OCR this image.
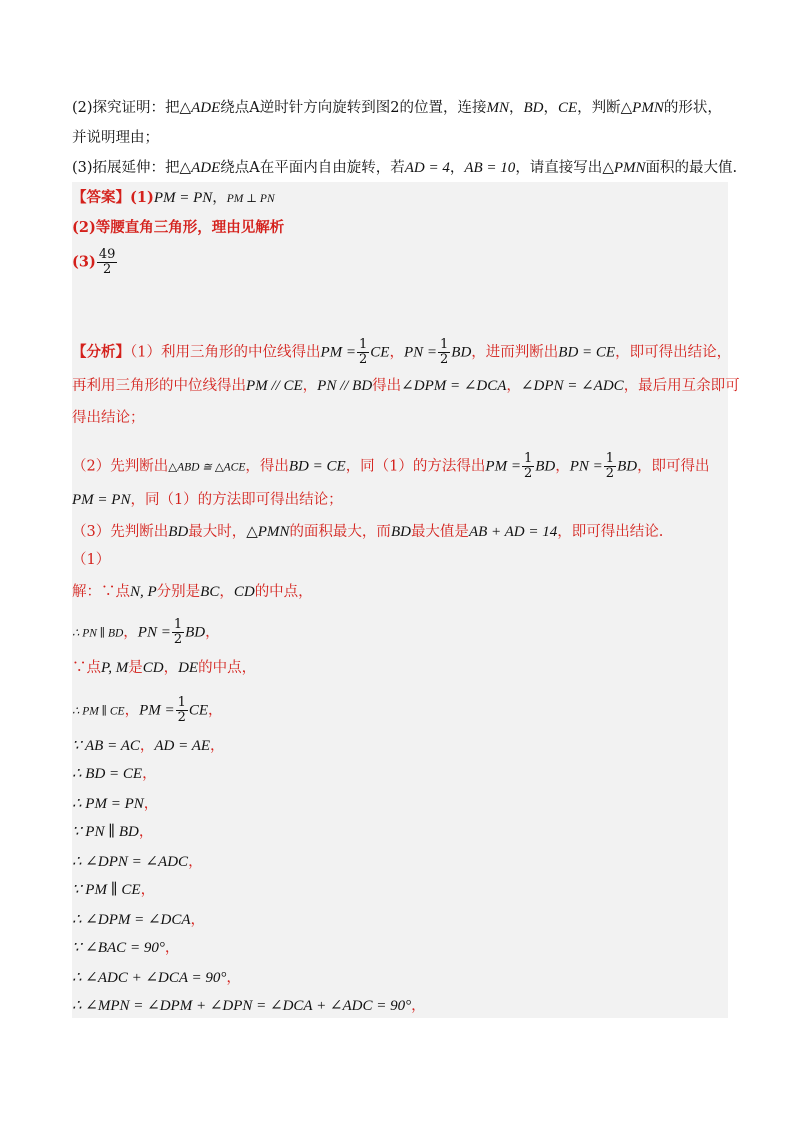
(2)探究证明：把△ADE绕点A逆时针方向旋转到图2的位置，连接MN，BD，CE，判断△PMN的形状，
并说明理由；
(3)拓展延伸：把△ADE绕点A在平面内自由旋转，若AD = 4，AB = 10，请直接写出△PMN面积的最大值.
【答案】(1)PM = PN，PM ⊥ PN
(2)等腰直角三角形，理由见解析
$(3) \frac{49}{2}$
【分析】（1）利用三角形的中位线得出PM = $\frac{1}{2}$ CE，PN = $\frac{1}{2}$ BD，进而判断出BD = CE，即可得出结论，
再利用三角形的中位线得出PM // CE，PN // BD得出∠DPM = ∠DCA，∠DPN = ∠ADC，最后用互余即可
得出结论；
（2）先判断出△ABD ≅ △ACE，得出BD = CE，同（1）的方法得出PM = $\frac{1}{2}$ BD，PN = $\frac{1}{2}$ BD，即可得出
PM = PN，同（1）的方法即可得出结论；
（3）先判断出BD最大时，△PMN的面积最大，而BD最大值是AB + AD = 14，即可得出结论.
（1）
解：∵点N, P分别是BC，CD的中点，
∴ PN ∥ BD，PN = $\frac{1}{2}$ BD，
∵点P, M是CD，DE的中点，
∴ PM ∥ CE，PM = $\frac{1}{2}$ CE，
∵ AB = AC，AD = AE，
∴ BD = CE，
∴ PM = PN，
∵ PN ∥ BD，
∴ ∠DPN = ∠ADC，
∵ PM ∥ CE，
∴ ∠DPM = ∠DCA，
∵ ∠BAC = 90°，
∴ ∠ADC + ∠DCA = 90°，
∴ ∠MPN = ∠DPM + ∠DPN = ∠DCA + ∠ADC = 90°，
